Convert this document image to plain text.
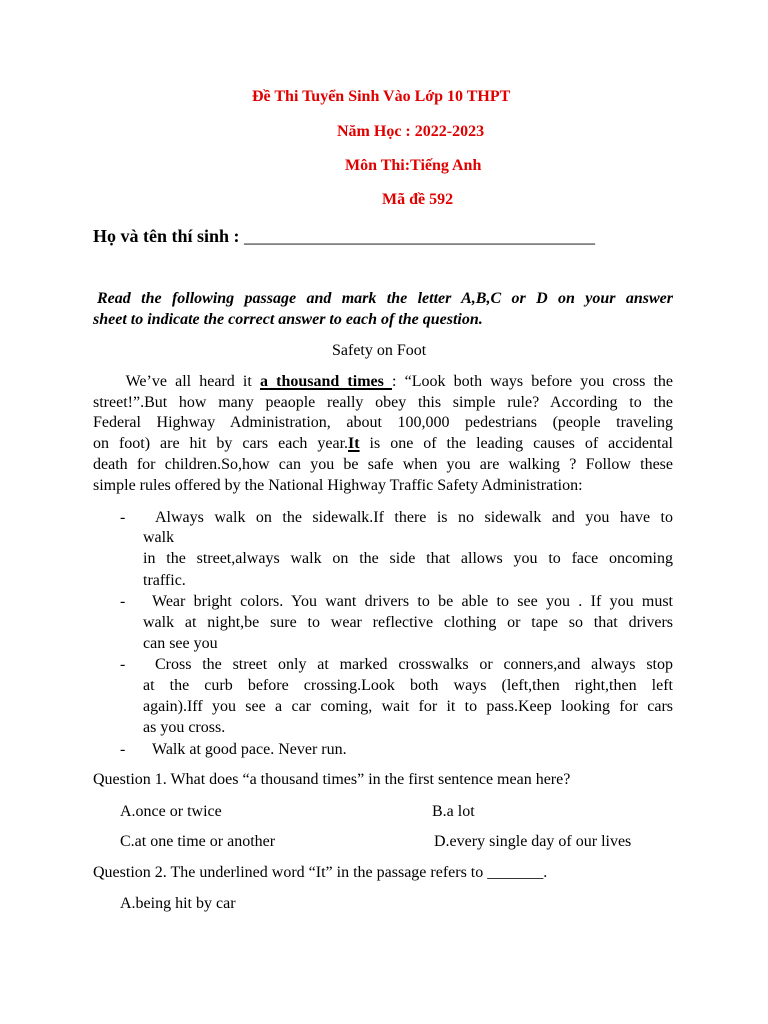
Đề Thi Tuyển Sinh Vào Lớp 10 THPT
Năm Học : 2022-2023
Môn Thi:Tiếng Anh
Mã đề 592
Họ và tên thí sinh : _______________________________________
Read the following passage and mark the letter A,B,C or D on your answer
sheet to indicate the correct answer to each of the question.
Safety on Foot
We’ve all heard it a thousand times : “Look both ways before you cross the
street!”.But how many peaople really obey this simple rule? According to the
Federal Highway Administration, about 100,000 pedestrians (people traveling
on foot) are hit by cars each year.It is one of the leading causes of accidental
death for children.So,how can you be safe when you are walking ? Follow these
simple rules offered by the National Highway Traffic Safety Administration:
- Always walk on the sidewalk.If there is no sidewalk and you have to
walk
in the street,always walk on the side that allows you to face oncoming
traffic.
- Wear bright colors. You want drivers to be able to see you . If you must
walk at night,be sure to wear reflective clothing or tape so that drivers
can see you
- Cross the street only at marked crosswalks or conners,and always stop
at the curb before crossing.Look both ways (left,then right,then left
again).Iff you see a car coming, wait for it to pass.Keep looking for cars
as you cross.
- Walk at good pace. Never run.
Question 1. What does “a thousand times” in the first sentence mean here?
A.once or twice	B.a lot
C.at one time or another	D.every single day of our lives
Question 2. The underlined word “It” in the passage refers to _______.
A.being hit by car
